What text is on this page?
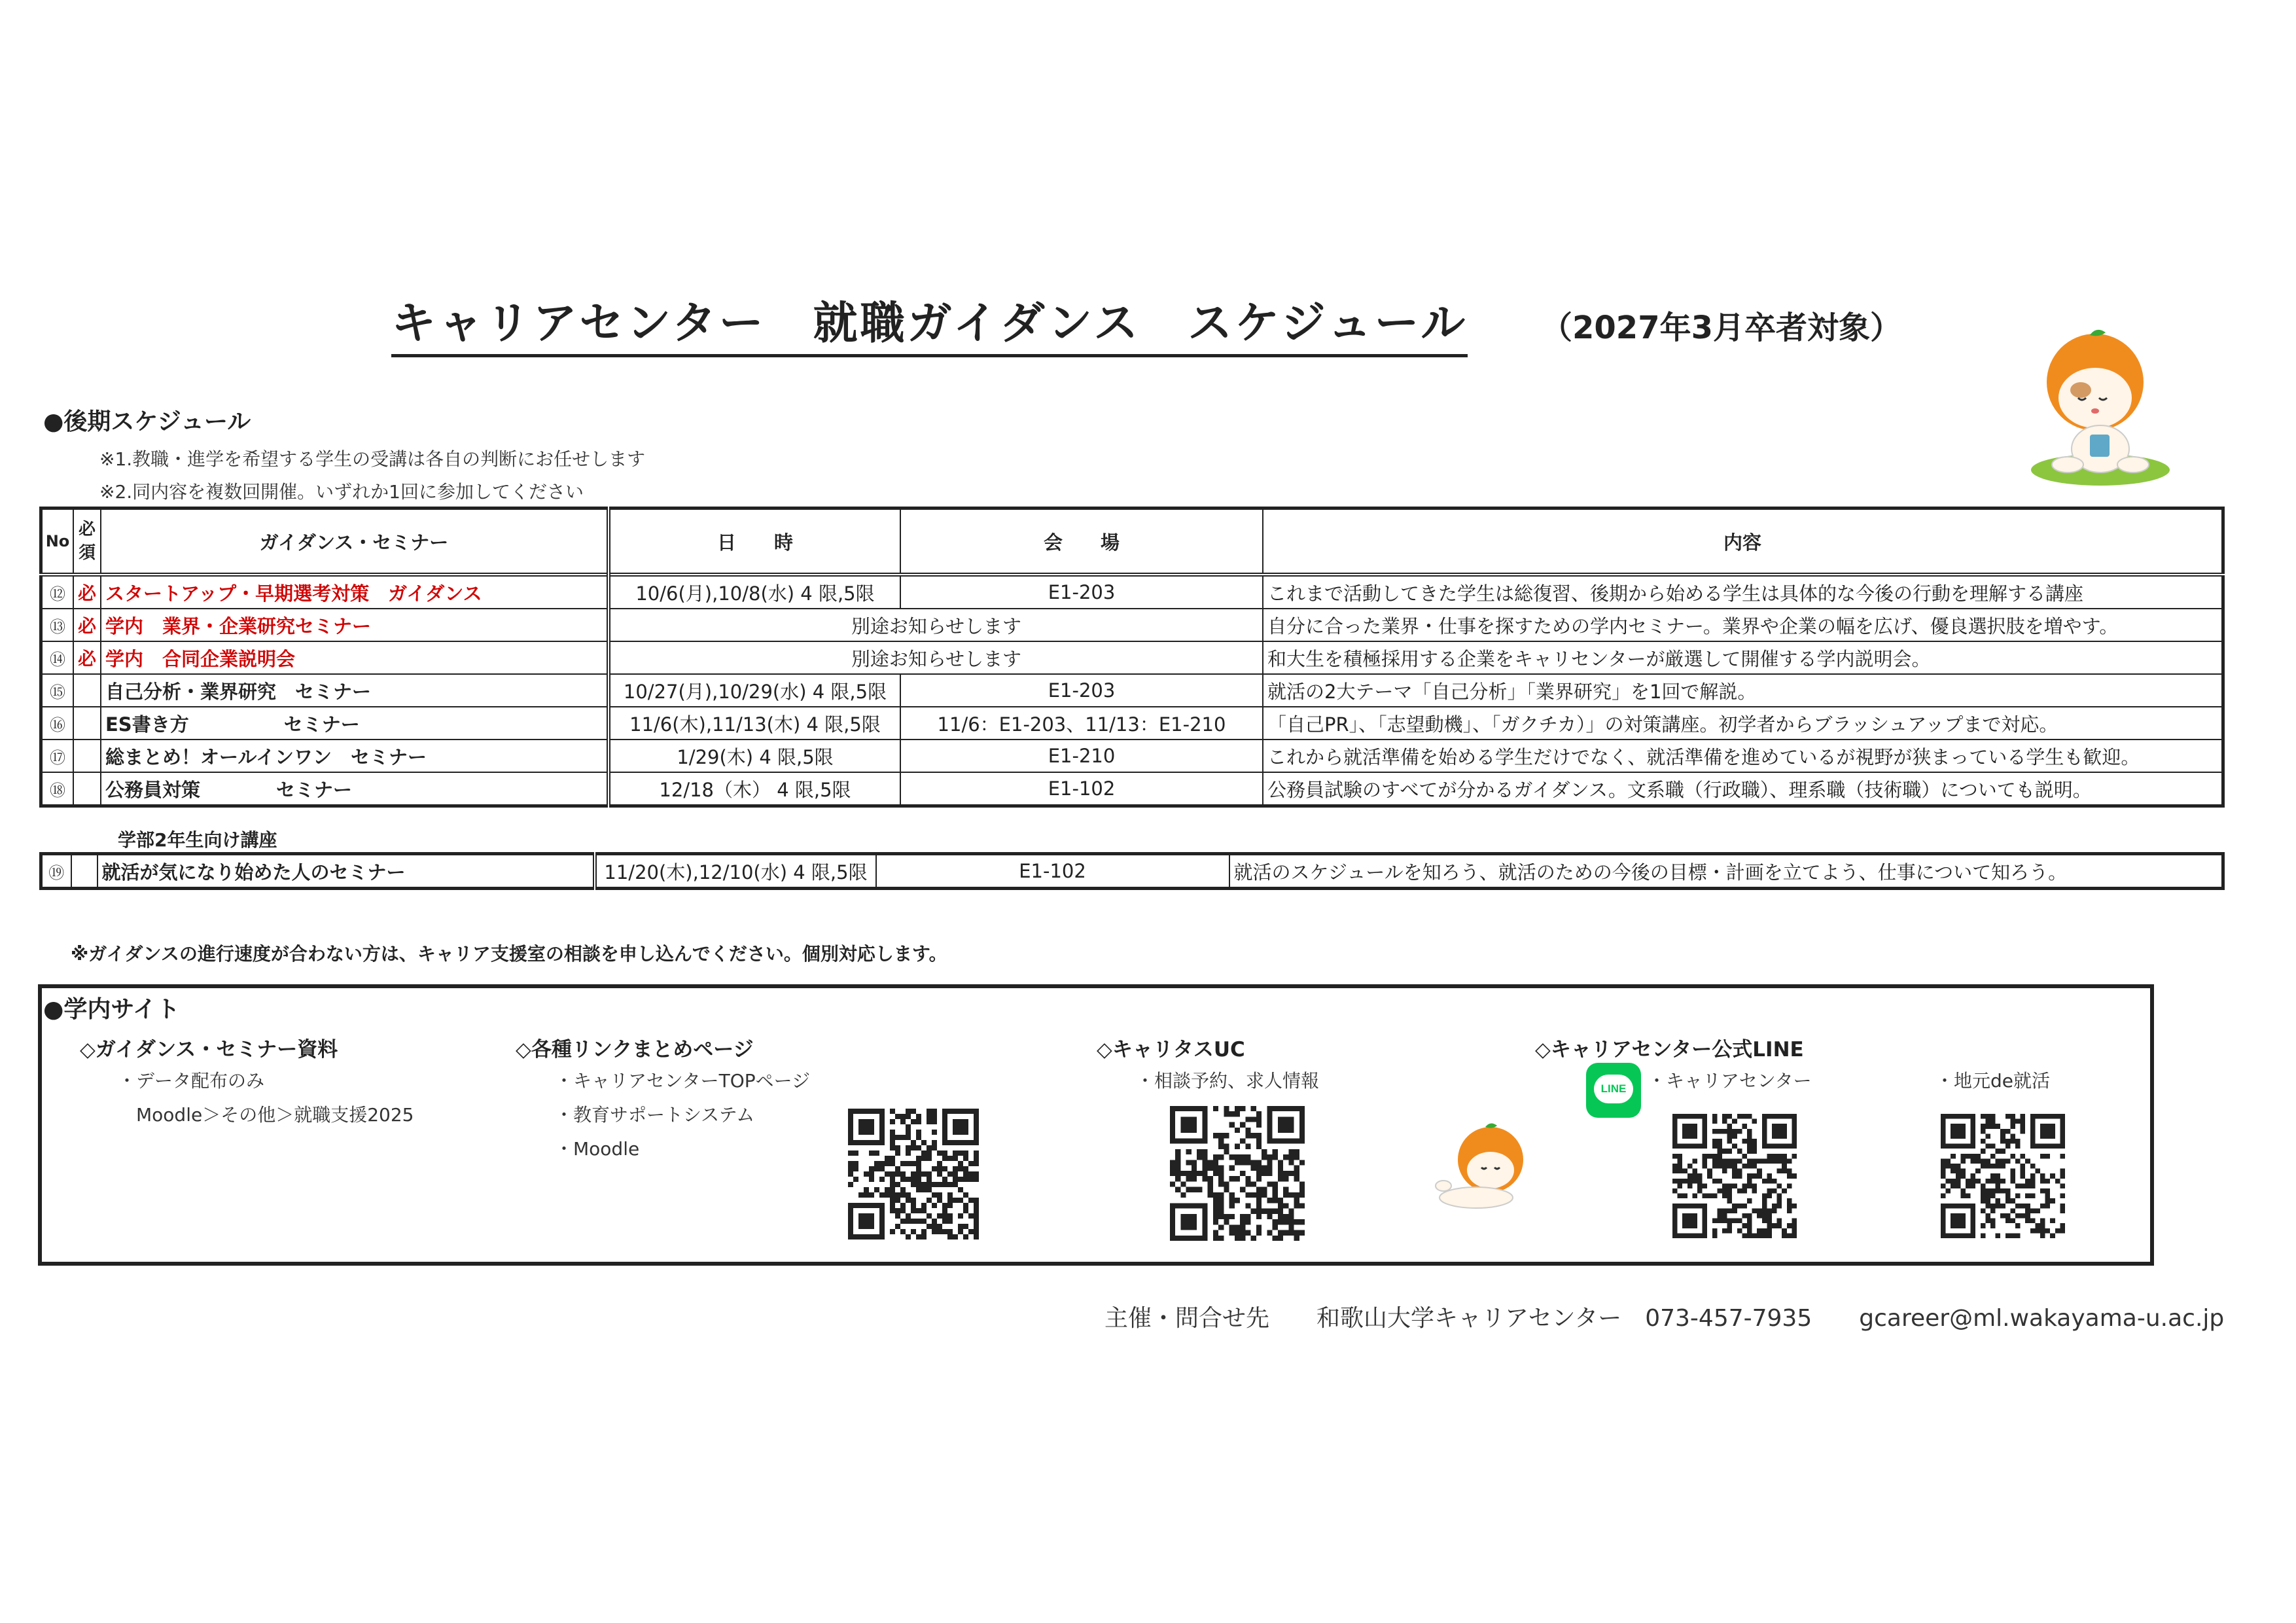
キャリアセンター　就職ガイダンス　スケジュール （2027年3月卒者対象）
●後期スケジュール
※1.教職・進学を希望する学生の受講は各自の判断にお任せします
※2.同内容を複数回開催。いずれか1回に参加してください
No	必須	ガイダンス・セミナー	日　　時	会　　場	内容
⑫	必	スタートアップ・早期選考対策　ガイダンス	10/6(月),10/8(水) 4 限,5限	E1-203	これまで活動してきた学生は総復習、後期から始める学生は具体的な今後の行動を理解する講座
⑬	必	学内　業界・企業研究セミナー	別途お知らせします		自分に合った業界・仕事を探すための学内セミナー。業界や企業の幅を広げ、優良選択肢を増やす。
⑭	必	学内　合同企業説明会	別途お知らせします		和大生を積極採用する企業をキャリセンターが厳選して開催する学内説明会。
⑮		自己分析・業界研究　セミナー	10/27(月),10/29(水) 4 限,5限	E1-203	就活の2大テーマ「自己分析」「業界研究」を1回で解説。
⑯		ES書き方　　　　　セミナー	11/6(木),11/13(木) 4 限,5限	11/6：E1-203、11/13：E1-210	「自己PR」、「志望動機」、「ガクチカ）」の対策講座。初学者からブラッシュアップまで対応。
⑰		総まとめ！オールインワン　セミナー	1/29(木) 4 限,5限	E1-210	これから就活準備を始める学生だけでなく、就活準備を進めているが視野が狭まっている学生も歓迎。
⑱		公務員対策　　　　セミナー	12/18（木） 4 限,5限	E1-102	公務員試験のすべてが分かるガイダンス。文系職（行政職）、理系職（技術職）についても説明。
学部2年生向け講座
⑲		就活が気になり始めた人のセミナー	11/20(木),12/10(水) 4 限,5限	E1-102	就活のスケジュールを知ろう、就活のための今後の目標・計画を立てよう、仕事について知ろう。
※ガイダンスの進行速度が合わない方は、キャリア支援室の相談を申し込んでください。個別対応します。
●学内サイト
◇ガイダンス・セミナー資料
・データ配布のみ
Moodle＞その他＞就職支援2025
◇各種リンクまとめページ
・キャリアセンターTOPページ
・教育サポートシステム
・Moodle
◇キャリタスUC
・相談予約、求人情報
◇キャリアセンター公式LINE
LINE	・キャリアセンター	・地元de就活
主催・問合せ先 和歌山大学キャリアセンター　073-457-7935 gcareer@ml.wakayama-u.ac.jp
